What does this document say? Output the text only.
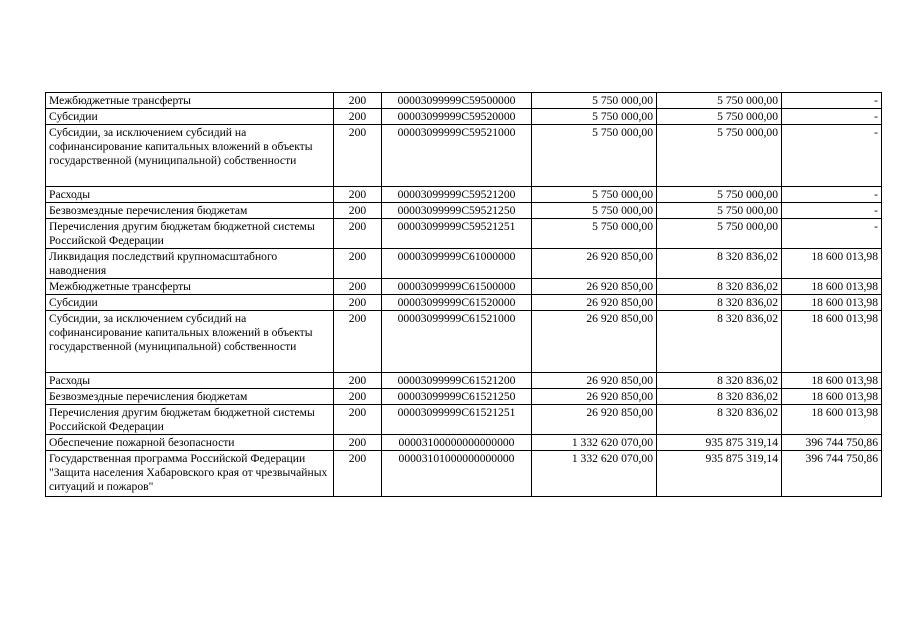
Межбюджетные трансферты	200	00003099999С59500000	5 750 000,00	5 750 000,00	-
Субсидии	200	00003099999С59520000	5 750 000,00	5 750 000,00	-
Субсидии, за исключением субсидий на софинансирование капитальных вложений в объекты государственной (муниципальной) собственности	200	00003099999С59521000	5 750 000,00	5 750 000,00	-
Расходы	200	00003099999С59521200	5 750 000,00	5 750 000,00	-
Безвозмездные перечисления бюджетам	200	00003099999С59521250	5 750 000,00	5 750 000,00	-
Перечисления другим бюджетам бюджетной системы Российской Федерации	200	00003099999С59521251	5 750 000,00	5 750 000,00	-
Ликвидация последствий крупномасштабного наводнения	200	00003099999С61000000	26 920 850,00	8 320 836,02	18 600 013,98
Межбюджетные трансферты	200	00003099999С61500000	26 920 850,00	8 320 836,02	18 600 013,98
Субсидии	200	00003099999С61520000	26 920 850,00	8 320 836,02	18 600 013,98
Субсидии, за исключением субсидий на софинансирование капитальных вложений в объекты государственной (муниципальной) собственности	200	00003099999С61521000	26 920 850,00	8 320 836,02	18 600 013,98
Расходы	200	00003099999С61521200	26 920 850,00	8 320 836,02	18 600 013,98
Безвозмездные перечисления бюджетам	200	00003099999С61521250	26 920 850,00	8 320 836,02	18 600 013,98
Перечисления другим бюджетам бюджетной системы Российской Федерации	200	00003099999С61521251	26 920 850,00	8 320 836,02	18 600 013,98
Обеспечение пожарной безопасности	200	00003100000000000000	1 332 620 070,00	935 875 319,14	396 744 750,86
Государственная программа Российской Федерации "Защита населения Хабаровского края от чрезвычайных ситуаций и пожаров"	200	00003101000000000000	1 332 620 070,00	935 875 319,14	396 744 750,86
